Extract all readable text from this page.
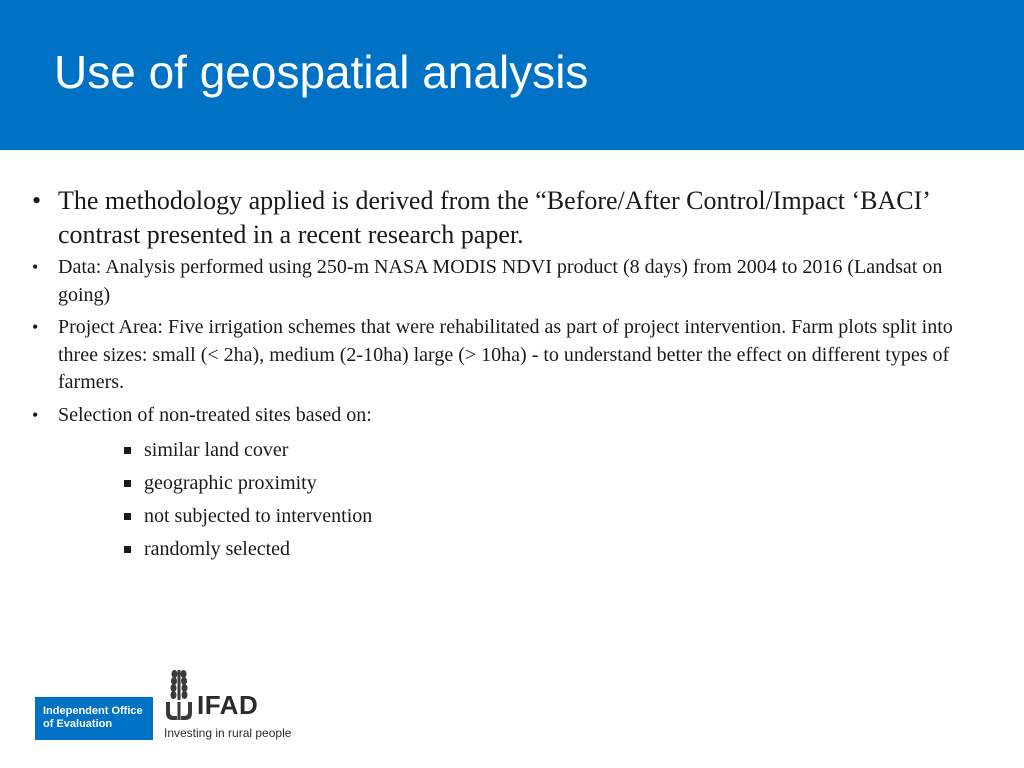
Use of geospatial analysis
• The methodology applied is derived from the “Before/After Control/Impact ‘BACI’ contrast presented in a recent research paper.
• Data: Analysis performed using 250-m NASA MODIS NDVI product (8 days) from 2004 to 2016 (Landsat on going)
• Project Area: Five irrigation schemes that were rehabilitated as part of project intervention. Farm plots split into three sizes: small (< 2ha), medium (2-10ha) large (> 10ha) - to understand better the effect on different types of farmers.
• Selection of non-treated sites based on:
similar land cover
geographic proximity
not subjected to intervention
randomly selected
Independent Office
of Evaluation
IFAD
Investing in rural people
